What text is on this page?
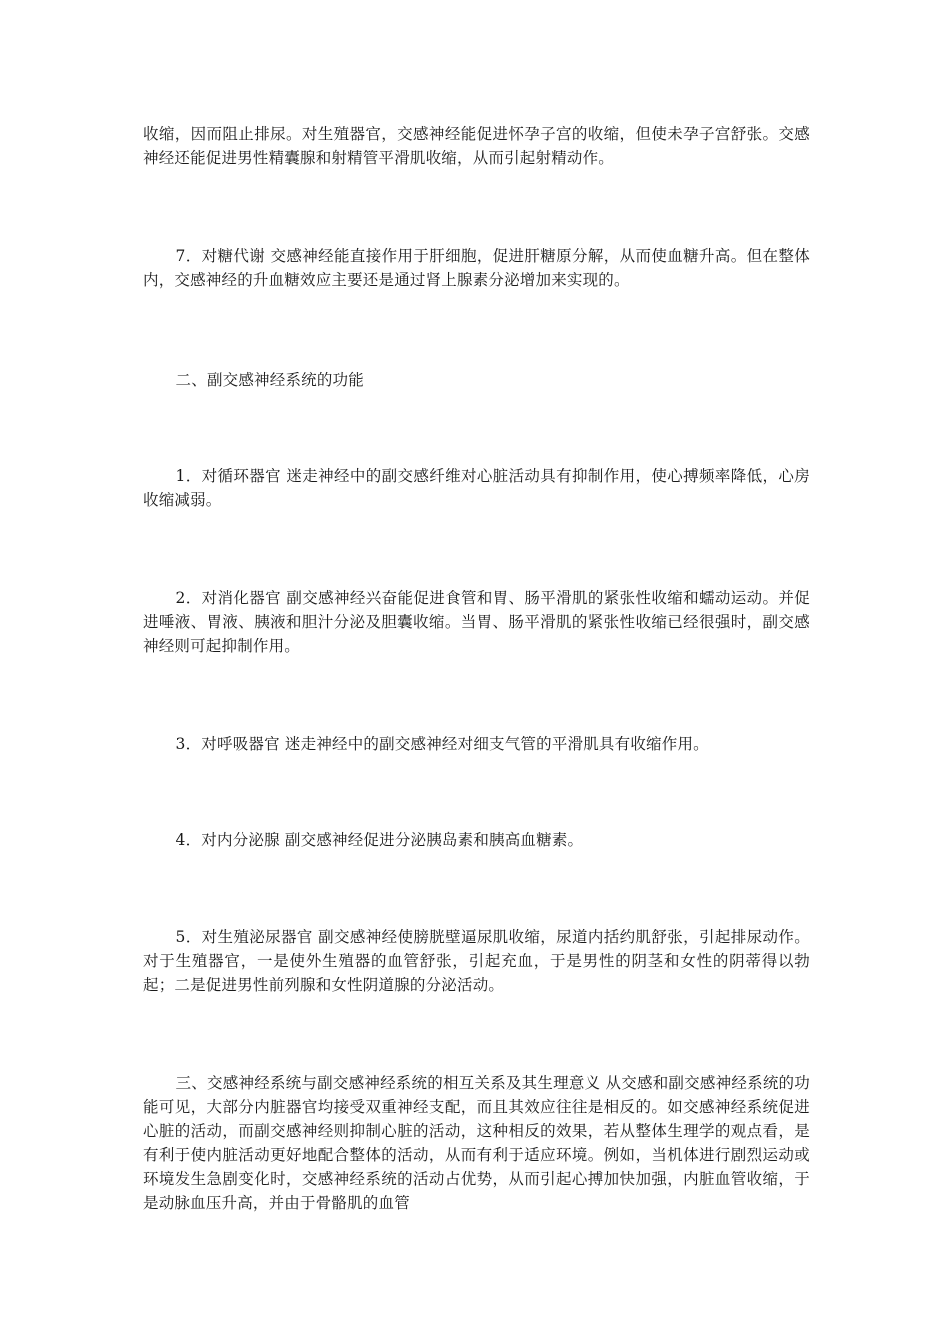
收缩，因而阻止排尿。对生殖器官，交感神经能促进怀孕子宫的收缩，但使未孕子宫舒张。交感神经还能促进男性精囊腺和射精管平滑肌收缩，从而引起射精动作。

7．对糖代谢 交感神经能直接作用于肝细胞，促进肝糖原分解，从而使血糖升高。但在整体内，交感神经的升血糖效应主要还是通过肾上腺素分泌增加来实现的。

二、副交感神经系统的功能

1．对循环器官 迷走神经中的副交感纤维对心脏活动具有抑制作用，使心搏频率降低，心房收缩减弱。

2．对消化器官 副交感神经兴奋能促进食管和胃、肠平滑肌的紧张性收缩和蠕动运动。并促进唾液、胃液、胰液和胆汁分泌及胆囊收缩。当胃、肠平滑肌的紧张性收缩已经很强时，副交感神经则可起抑制作用。

3．对呼吸器官 迷走神经中的副交感神经对细支气管的平滑肌具有收缩作用。

4．对内分泌腺 副交感神经促进分泌胰岛素和胰高血糖素。

5．对生殖泌尿器官 副交感神经使膀胱壁逼尿肌收缩，尿道内括约肌舒张，引起排尿动作。对于生殖器官，一是使外生殖器的血管舒张，引起充血，于是男性的阴茎和女性的阴蒂得以勃起；二是促进男性前列腺和女性阴道腺的分泌活动。

三、交感神经系统与副交感神经系统的相互关系及其生理意义 从交感和副交感神经系统的功能可见，大部分内脏器官均接受双重神经支配，而且其效应往往是相反的。如交感神经系统促进心脏的活动，而副交感神经则抑制心脏的活动，这种相反的效果，若从整体生理学的观点看，是有利于使内脏活动更好地配合整体的活动，从而有利于适应环境。例如，当机体进行剧烈运动或环境发生急剧变化时，交感神经系统的活动占优势，从而引起心搏加快加强，内脏血管收缩，于是动脉血压升高，并由于骨骼肌的血管
